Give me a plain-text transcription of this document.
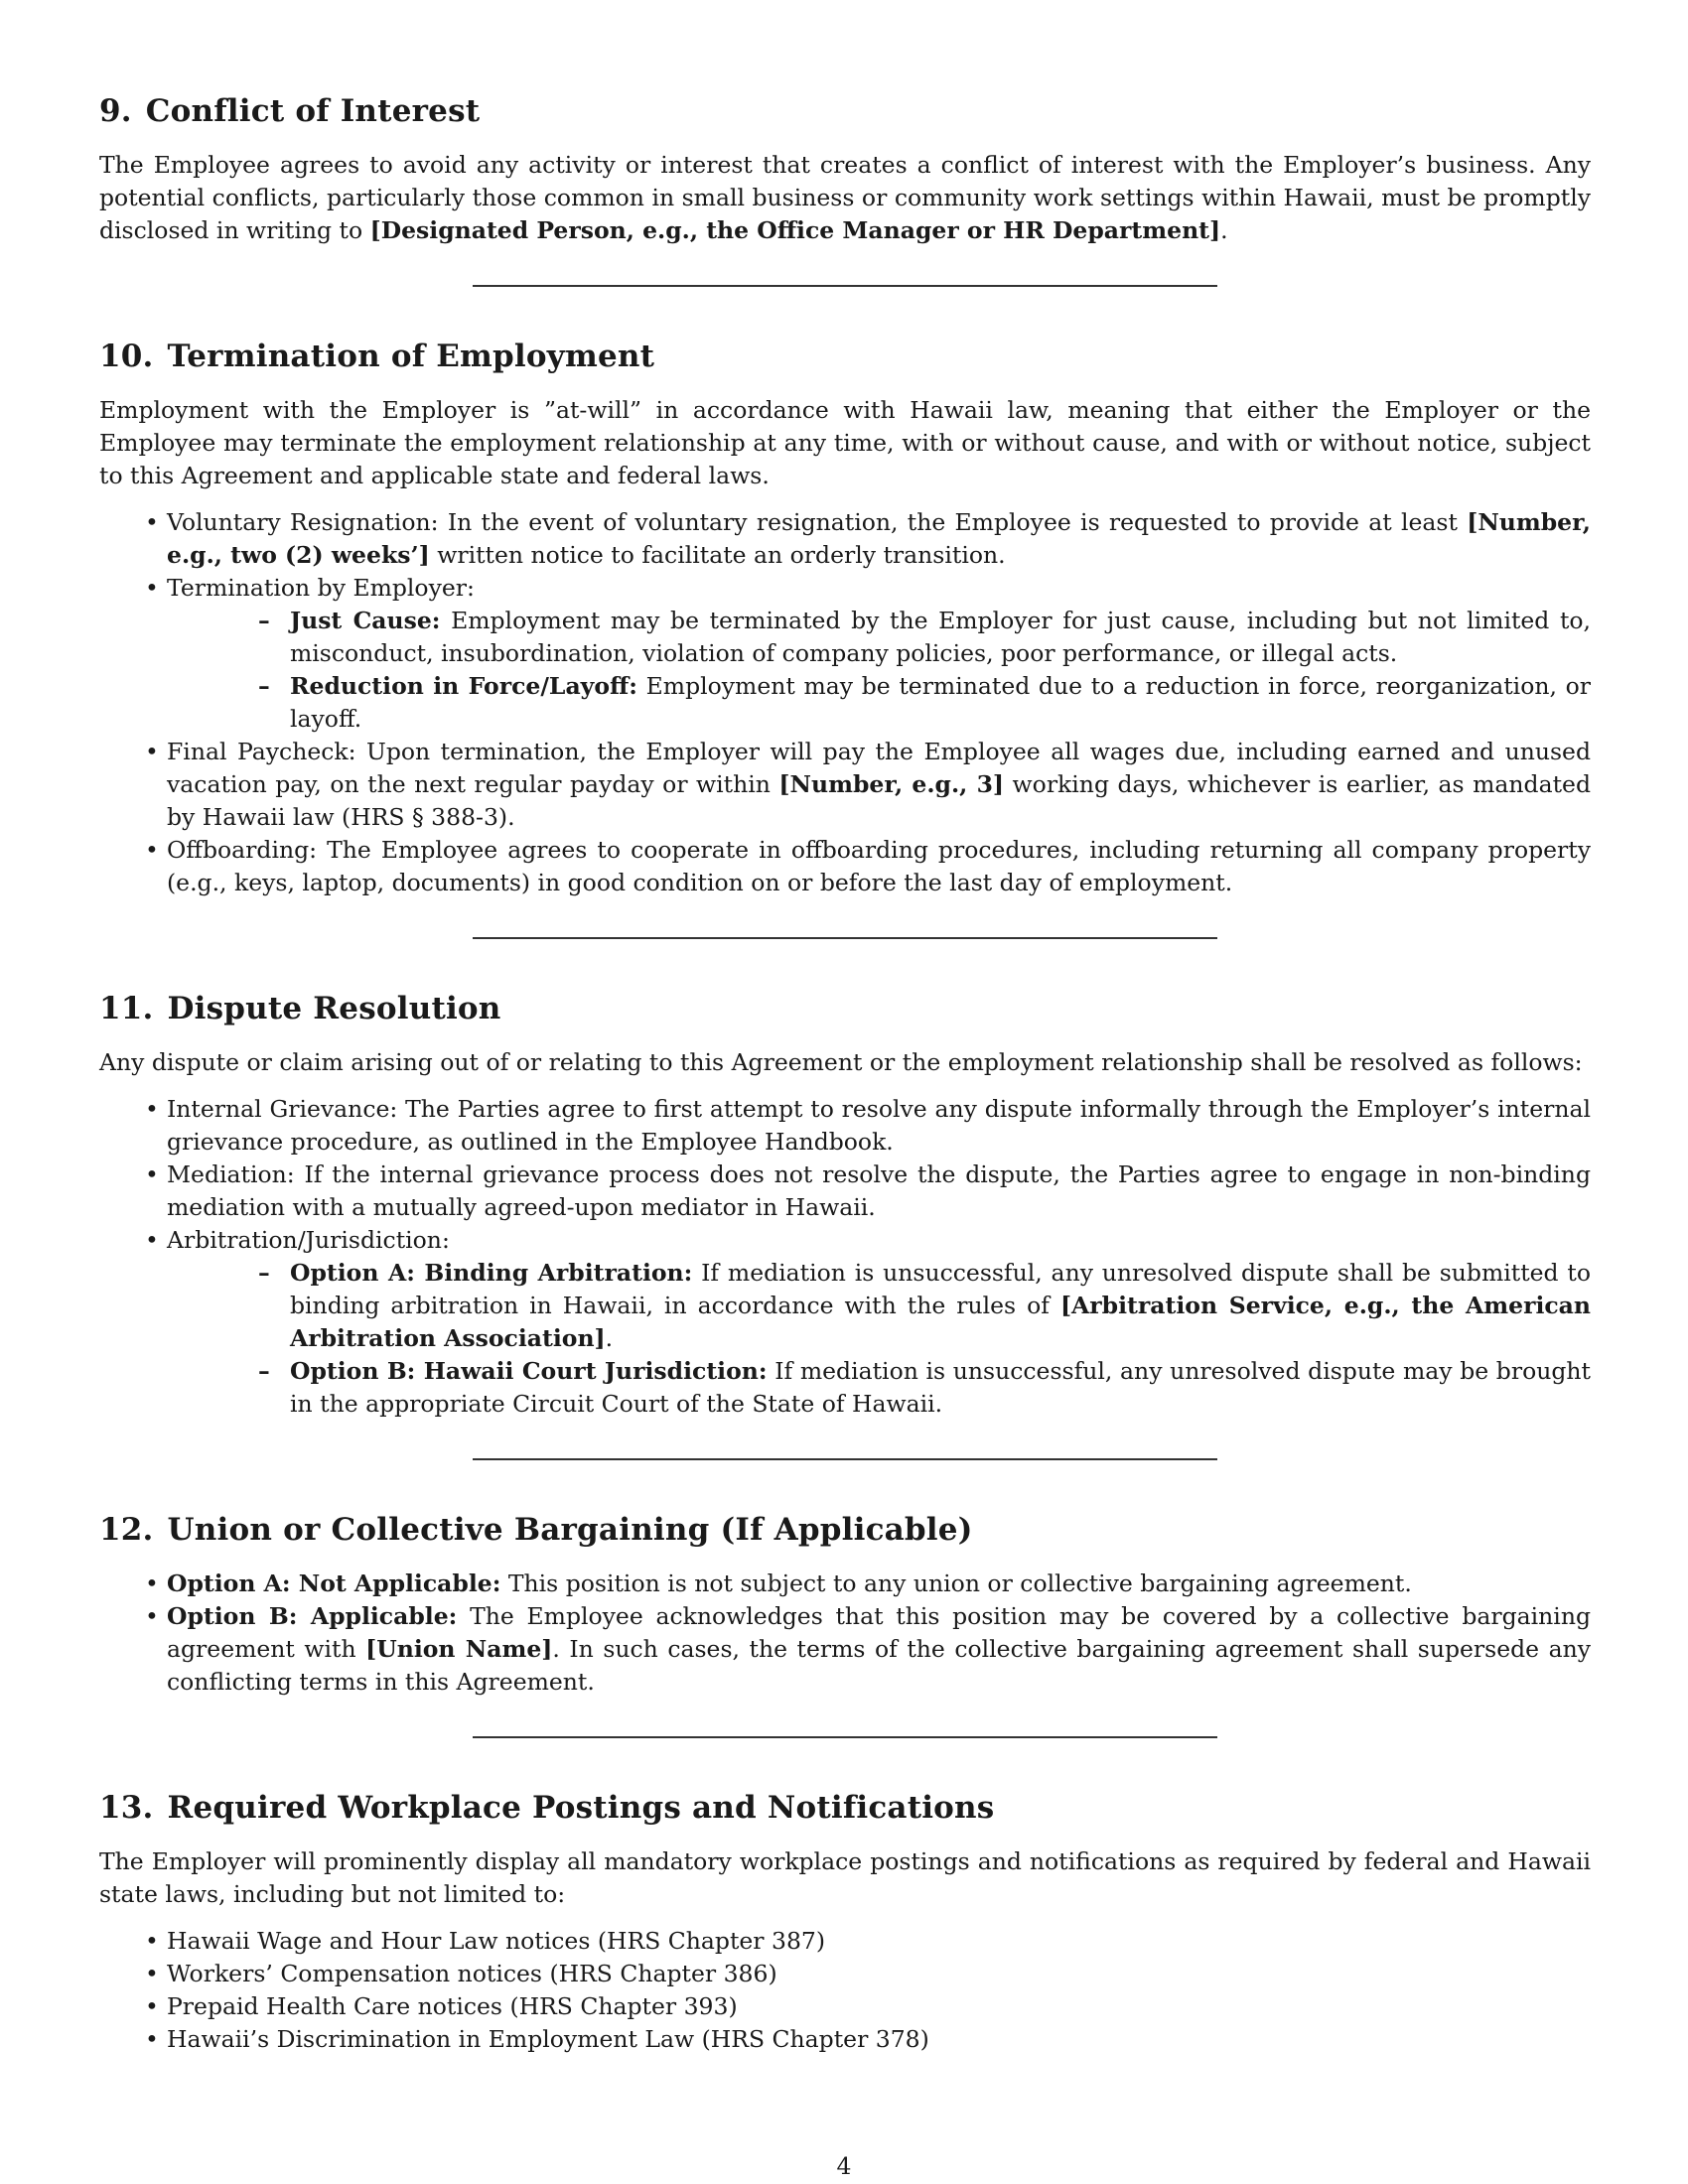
9. Conflict of Interest

The Employee agrees to avoid any activity or interest that creates a conflict of interest with the Employer’s business. Any potential conflicts, particularly those common in small business or community work settings within Hawaii, must be promptly disclosed in writing to [Designated Person, e.g., the Office Manager or HR Department].

10. Termination of Employment

Employment with the Employer is ”at-will” in accordance with Hawaii law, meaning that either the Employer or the Employee may terminate the employment relationship at any time, with or without cause, and with or without notice, subject to this Agreement and applicable state and federal laws.

• Voluntary Resignation: In the event of voluntary resignation, the Employee is requested to provide at least [Number, e.g., two (2) weeks’] written notice to facilitate an orderly transition.
• Termination by Employer:
– Just Cause: Employment may be terminated by the Employer for just cause, including but not limited to, misconduct, insubordination, violation of company policies, poor performance, or illegal acts.
– Reduction in Force/Layoff: Employment may be terminated due to a reduction in force, reorganization, or layoff.
• Final Paycheck: Upon termination, the Employer will pay the Employee all wages due, including earned and unused vacation pay, on the next regular payday or within [Number, e.g., 3] working days, whichever is earlier, as mandated by Hawaii law (HRS § 388-3).
• Offboarding: The Employee agrees to cooperate in offboarding procedures, including returning all company property (e.g., keys, laptop, documents) in good condition on or before the last day of employment.
11. Dispute Resolution

Any dispute or claim arising out of or relating to this Agreement or the employment relationship shall be resolved as follows:

• Internal Grievance: The Parties agree to first attempt to resolve any dispute informally through the Employer’s internal grievance procedure, as outlined in the Employee Handbook.
• Mediation: If the internal grievance process does not resolve the dispute, the Parties agree to engage in non-binding mediation with a mutually agreed-upon mediator in Hawaii.
• Arbitration/Jurisdiction:
– Option A: Binding Arbitration: If mediation is unsuccessful, any unresolved dispute shall be submitted to binding arbitration in Hawaii, in accordance with the rules of [Arbitration Service, e.g., the American Arbitration Association].
– Option B: Hawaii Court Jurisdiction: If mediation is unsuccessful, any unresolved dispute may be brought in the appropriate Circuit Court of the State of Hawaii.
12. Union or Collective Bargaining (If Applicable)
• Option A: Not Applicable: This position is not subject to any union or collective bargaining agreement.
• Option B: Applicable: The Employee acknowledges that this position may be covered by a collective bargaining agreement with [Union Name]. In such cases, the terms of the collective bargaining agreement shall supersede any conflicting terms in this Agreement.
13. Required Workplace Postings and Notifications

The Employer will prominently display all mandatory workplace postings and notifications as required by federal and Hawaii state laws, including but not limited to:

• Hawaii Wage and Hour Law notices (HRS Chapter 387)
• Workers’ Compensation notices (HRS Chapter 386)
• Prepaid Health Care notices (HRS Chapter 393)
• Hawaii’s Discrimination in Employment Law (HRS Chapter 378)
4
